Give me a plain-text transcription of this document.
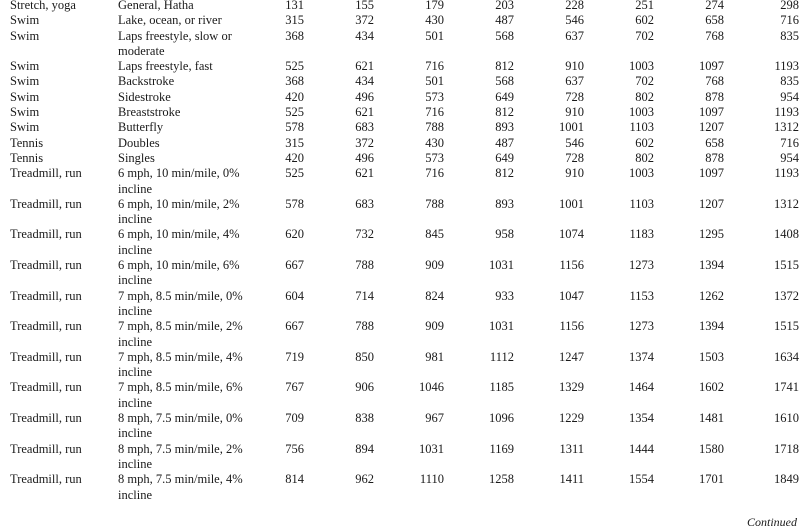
Stretch, yoga	General, Hatha	131	155	179	203	228	251	274	298
Swim	Lake, ocean, or river	315	372	430	487	546	602	658	716
Swim	Laps freestyle, slow or moderate	368	434	501	568	637	702	768	835
Swim	Laps freestyle, fast	525	621	716	812	910	1003	1097	1193
Swim	Backstroke	368	434	501	568	637	702	768	835
Swim	Sidestroke	420	496	573	649	728	802	878	954
Swim	Breaststroke	525	621	716	812	910	1003	1097	1193
Swim	Butterfly	578	683	788	893	1001	1103	1207	1312
Tennis	Doubles	315	372	430	487	546	602	658	716
Tennis	Singles	420	496	573	649	728	802	878	954
Treadmill, run	6 mph, 10 min/mile, 0% incline	525	621	716	812	910	1003	1097	1193
Treadmill, run	6 mph, 10 min/mile, 2% incline	578	683	788	893	1001	1103	1207	1312
Treadmill, run	6 mph, 10 min/mile, 4% incline	620	732	845	958	1074	1183	1295	1408
Treadmill, run	6 mph, 10 min/mile, 6% incline	667	788	909	1031	1156	1273	1394	1515
Treadmill, run	7 mph, 8.5 min/mile, 0% incline	604	714	824	933	1047	1153	1262	1372
Treadmill, run	7 mph, 8.5 min/mile, 2% incline	667	788	909	1031	1156	1273	1394	1515
Treadmill, run	7 mph, 8.5 min/mile, 4% incline	719	850	981	1112	1247	1374	1503	1634
Treadmill, run	7 mph, 8.5 min/mile, 6% incline	767	906	1046	1185	1329	1464	1602	1741
Treadmill, run	8 mph, 7.5 min/mile, 0% incline	709	838	967	1096	1229	1354	1481	1610
Treadmill, run	8 mph, 7.5 min/mile, 2% incline	756	894	1031	1169	1311	1444	1580	1718
Treadmill, run	8 mph, 7.5 min/mile, 4% incline	814	962	1110	1258	1411	1554	1701	1849
Continued
